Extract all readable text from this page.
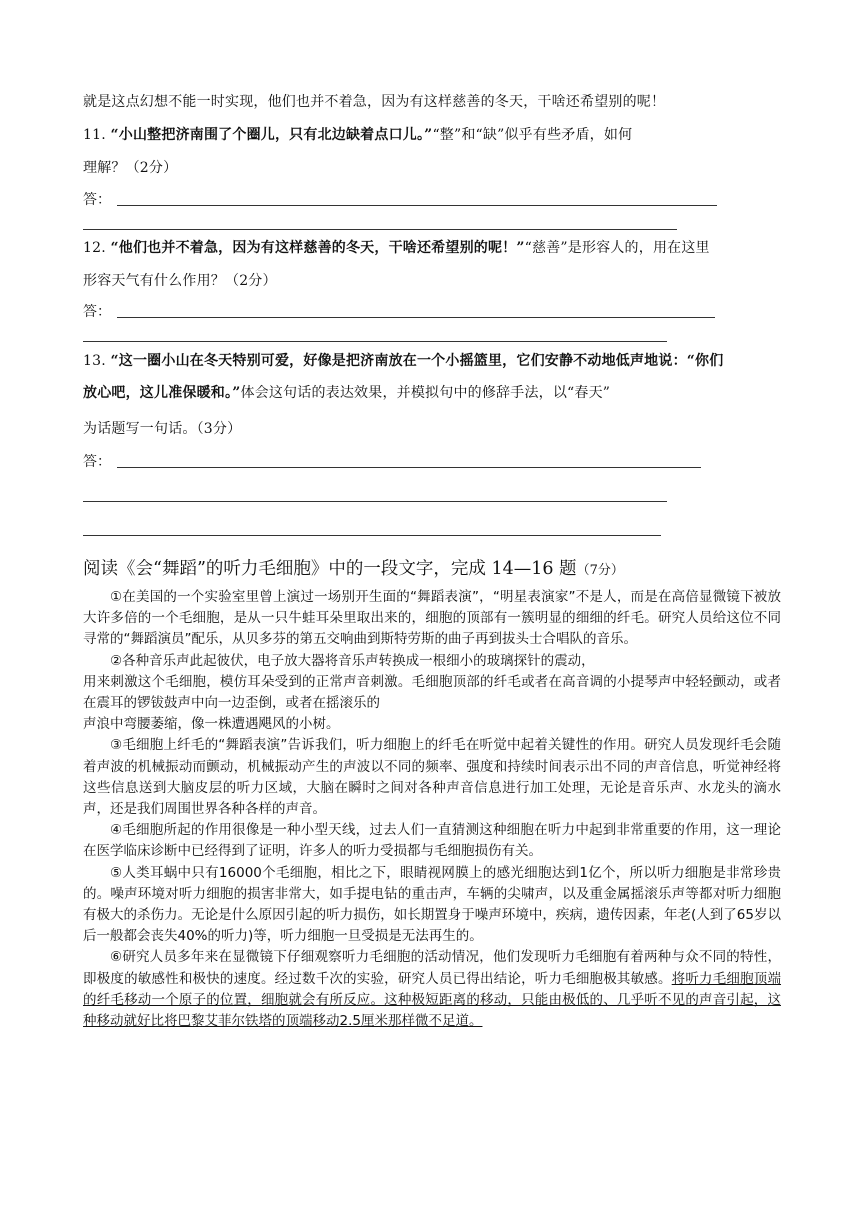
就是这点幻想不能一时实现，他们也并不着急，因为有这样慈善的冬天，干啥还希望别的呢！
11. “小山整把济南围了个圈儿，只有北边缺着点口儿。”“整”和“缺”似乎有些矛盾，如何
理解？（2分）
答：
12. “他们也并不着急，因为有这样慈善的冬天，干啥还希望别的呢！”“慈善”是形容人的，用在这里
形容天气有什么作用？（2分）
答：
13. “这一圈小山在冬天特别可爱，好像是把济南放在一个小摇篮里，它们安静不动地低声地说：“你们
放心吧，这儿准保暖和。”体会这句话的表达效果，并模拟句中的修辞手法，以“春天”
为话题写一句话。（3分）
答：
阅读《会“舞蹈”的听力毛细胞》中的一段文字，完成 14—16 题（7分）

①在美国的一个实验室里曾上演过一场别开生面的“舞蹈表演”，“明星表演家”不是人，而是在高倍显微镜下被放大许多倍的一个毛细胞，是从一只牛蛙耳朵里取出来的，细胞的顶部有一簇明显的细细的纤毛。研究人员给这位不同寻常的“舞蹈演员”配乐，从贝多芬的第五交响曲到斯特劳斯的曲子再到拔头士合唱队的音乐。

②各种音乐声此起彼伏，电子放大器将音乐声转换成一根细小的玻璃探针的震动，

用来刺激这个毛细胞，模仿耳朵受到的正常声音刺激。毛细胞顶部的纤毛或者在高音调的小提琴声中轻轻颤动，或者在震耳的锣钹鼓声中向一边歪倒，或者在摇滚乐的

声浪中弯腰萎缩，像一株遭遇飓风的小树。

③毛细胞上纤毛的“舞蹈表演”告诉我们，听力细胞上的纤毛在听觉中起着关键性的作用。研究人员发现纤毛会随着声波的机械振动而颤动，机械振动产生的声波以不同的频率、强度和持续时间表示出不同的声音信息，听觉神经将这些信息送到大脑皮层的听力区域，大脑在瞬时之间对各种声音信息进行加工处理，无论是音乐声、水龙头的滴水声，还是我们周围世界各种各样的声音。

④毛细胞所起的作用很像是一种小型天线，过去人们一直猜测这种细胞在听力中起到非常重要的作用，这一理论在医学临床诊断中已经得到了证明，许多人的听力受损都与毛细胞损伤有关。

⑤人类耳蜗中只有16000个毛细胞，相比之下，眼睛视网膜上的感光细胞达到1亿个，所以听力细胞是非常珍贵的。噪声环境对听力细胞的损害非常大，如手提电钻的重击声，车辆的尖啸声，以及重金属摇滚乐声等都对听力细胞有极大的杀伤力。无论是什么原因引起的听力损伤，如长期置身于噪声环境中，疾病，遗传因素，年老(人到了65岁以后一般都会丧失40%的听力)等，听力细胞一旦受损是无法再生的。

⑥研究人员多年来在显微镜下仔细观察听力毛细胞的活动情况，他们发现听力毛细胞有着两种与众不同的特性，即极度的敏感性和极快的速度。经过数千次的实验，研究人员已得出结论，听力毛细胞极其敏感。将听力毛细胞顶端的纤毛移动一个原子的位置，细胞就会有所反应。这种极短距离的移动，只能由极低的、几乎听不见的声音引起，这种移动就好比将巴黎艾菲尔铁塔的顶端移动2.5厘米那样微不足道。
